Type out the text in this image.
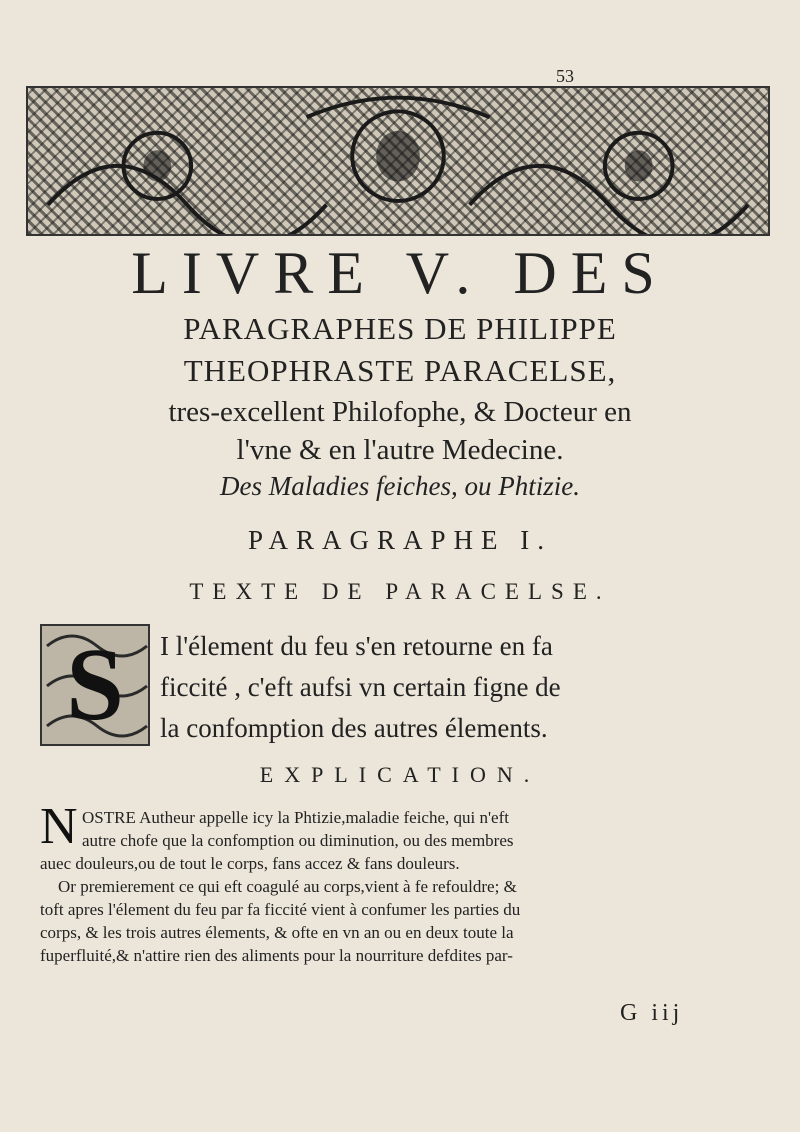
53
LIVRE V. DES
PARAGRAPHES DE PHILIPPE
THEOPHRASTE PARACELSE,
tres-excellent Philofophe, & Docteur en
l'vne & en l'autre Medecine.
Des Maladies feiches, ou Phtizie.
PARAGRAPHE I.
TEXTE DE PARACELSE.
S	I l'élement du feu s'en retourne en fa
ficcité , c'eft aufsi vn certain figne de
la confomption des autres élements.
EXPLICATION.
N OSTRE Autheur appelle icy la Phtizie,maladie feiche, qui n'eft
autre chofe que la confomption ou diminution, ou des membres
auec douleurs,ou de tout le corps, fans accez & fans douleurs.
Or premierement ce qui eft coagulé au corps,vient à fe refouldre; &
toft apres l'élement du feu par fa ficcité vient à confumer les parties du
corps, & les trois autres élements, & ofte en vn an ou en deux toute la
fuperfluité,& n'attire rien des aliments pour la nourriture defdites par-
G iij
